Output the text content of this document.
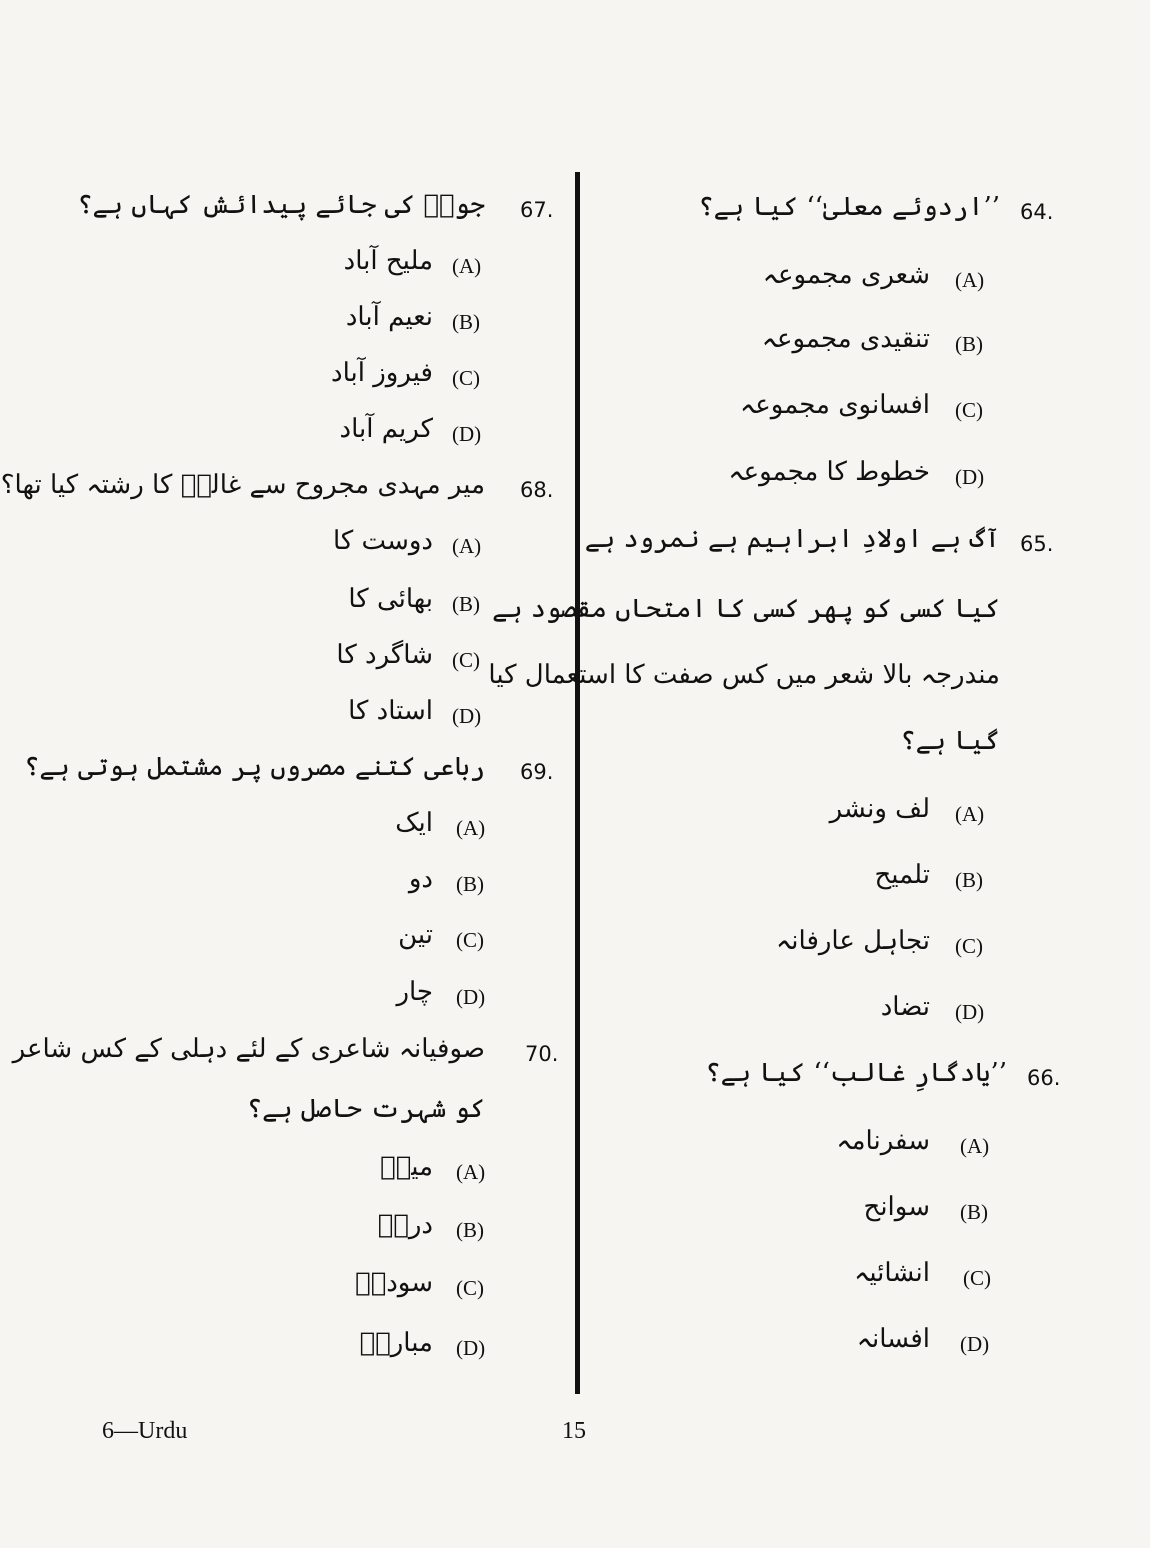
64.
’’اردوئے معلیٰ‘‘ کیا ہے؟
(A)
شعری مجموعہ
(B)
تنقیدی مجموعہ
(C)
افسانوی مجموعہ
(D)
خطوط کا مجموعہ
65.
آگ ہے اولادِ ابراہیم ہے نمرود ہے
کیا کسی کو پھر کسی کا امتحاں مقصود ہے
مندرجہ بالا شعر میں کس صفت کا استعمال کیا
گیا ہے؟
(A)
لف ونشر
(B)
تلمیح
(C)
تجاہل عارفانہ
(D)
تضاد
66.
’’یادگارِ غالب‘‘ کیا ہے؟
(A)
سفرنامہ
(B)
سوانح
(C)
انشائیہ
(D)
افسانہ
67.
جوشؔ کی جائے پیدائش کہاں ہے؟
(A)
ملیح آباد
(B)
نعیم آباد
(C)
فیروز آباد
(D)
کریم آباد
68.
میر مہدی مجروح سے غالبؔ کا رشتہ کیا تھا؟
(A)
دوست کا
(B)
بھائی کا
(C)
شاگرد کا
(D)
استاد کا
69.
رباعی کتنے مصروں پر مشتمل ہوتی ہے؟
(A)
ایک
(B)
دو
(C)
تین
(D)
چار
70.
صوفیانہ شاعری کے لئے دہلی کے کس شاعر
کو شہرت حاصل ہے؟
(A)
میرؔ
(B)
دردؔ
(C)
سوداؔ
(D)
مبارکؔ
6—Urdu	15
